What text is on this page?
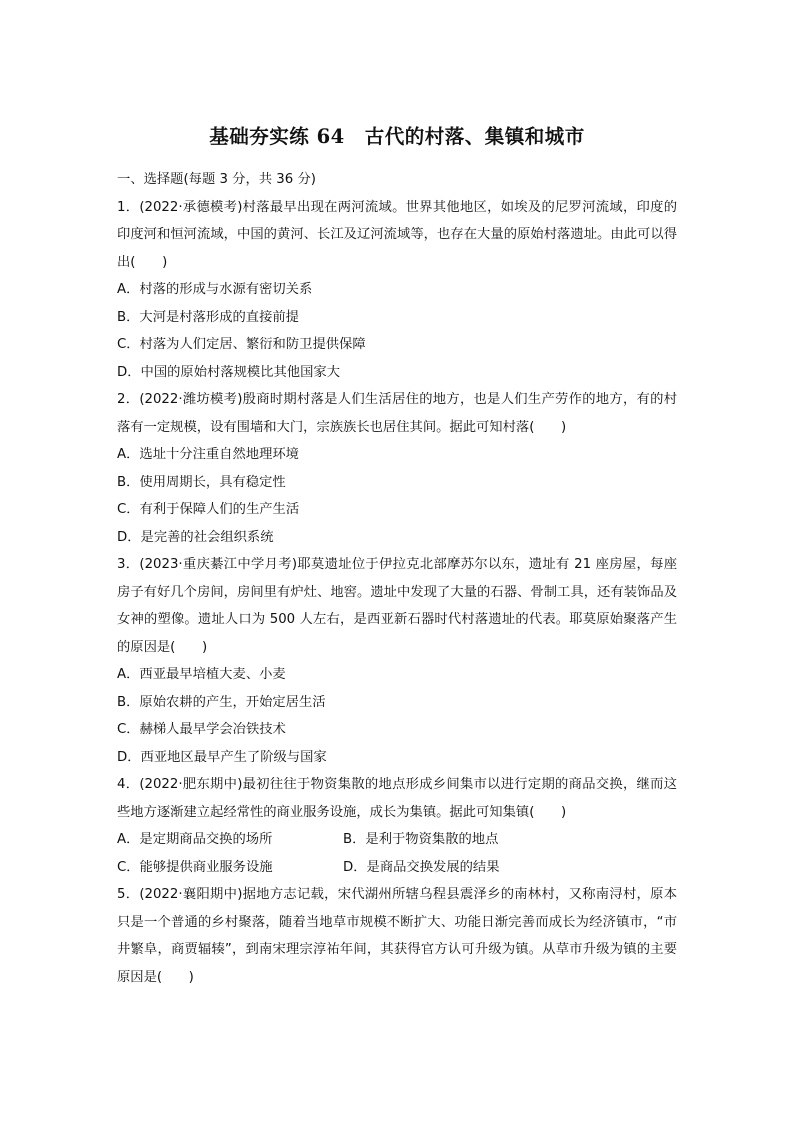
基础夯实练 64　古代的村落、集镇和城市

一、选择题(每题 3 分，共 36 分)

1．(2022·承德模考)村落最早出现在两河流域。世界其他地区，如埃及的尼罗河流域，印度的印度河和恒河流域，中国的黄河、长江及辽河流域等，也存在大量的原始村落遗址。由此可以得出(　　)

A．村落的形成与水源有密切关系

B．大河是村落形成的直接前提

C．村落为人们定居、繁衍和防卫提供保障

D．中国的原始村落规模比其他国家大

2．(2022·潍坊模考)殷商时期村落是人们生活居住的地方，也是人们生产劳作的地方，有的村落有一定规模，设有围墙和大门，宗族族长也居住其间。据此可知村落(　　)

A．选址十分注重自然地理环境

B．使用周期长，具有稳定性

C．有利于保障人们的生产生活

D．是完善的社会组织系统

3．(2023·重庆綦江中学月考)耶莫遗址位于伊拉克北部摩苏尔以东，遗址有 21 座房屋，每座房子有好几个房间，房间里有炉灶、地窖。遗址中发现了大量的石器、骨制工具，还有装饰品及女神的塑像。遗址人口为 500 人左右，是西亚新石器时代村落遗址的代表。耶莫原始聚落产生的原因是(　　)

A．西亚最早培植大麦、小麦

B．原始农耕的产生，开始定居生活

C．赫梯人最早学会冶铁技术

D．西亚地区最早产生了阶级与国家

4．(2022·肥东期中)最初往往于物资集散的地点形成乡间集市以进行定期的商品交换，继而这些地方逐渐建立起经常性的商业服务设施，成长为集镇。据此可知集镇(　　)

A．是定期商品交换的场所	B．是利于物资集散的地点
C．能够提供商业服务设施	D．是商品交换发展的结果

5．(2022·襄阳期中)据地方志记载，宋代湖州所辖乌程县震泽乡的南林村，又称南浔村，原本只是一个普通的乡村聚落，随着当地草市规模不断扩大、功能日渐完善而成长为经济镇市，“市井繁阜，商贾辐辏”，到南宋理宗淳祐年间，其获得官方认可升级为镇。从草市升级为镇的主要原因是(　　)
